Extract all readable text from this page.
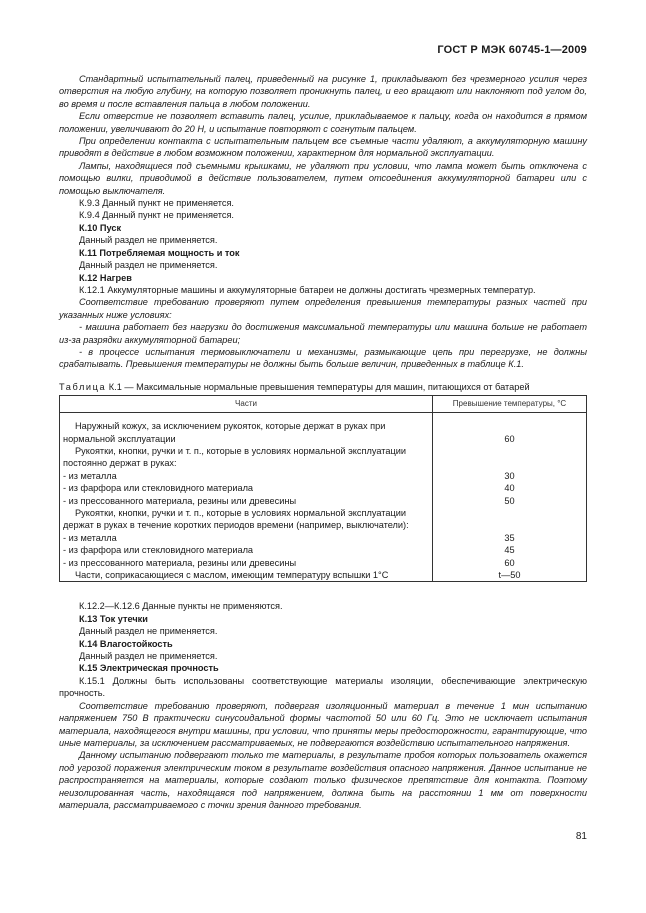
ГОСТ Р МЭК 60745-1—2009

Стандартный испытательный палец, приведенный на рисунке 1, прикладывают без чрезмерного усилия через отверстия на любую глубину, на которую позволяет проникнуть палец, и его вращают или наклоняют под углом до, во время и после вставления пальца в любом положении.

Если отверстие не позволяет вставить палец, усилие, прикладываемое к пальцу, когда он находится в прямом положении, увеличивают до 20 Н, и испытание повторяют с согнутым пальцем.

При определении контакта с испытательным пальцем все съемные части удаляют, а аккумуляторную машину приводят в действие в любом возможном положении, характерном для нормальной эксплуатации.

Лампы, находящиеся под съемными крышками, не удаляют при условии, что лампа может быть отключена с помощью вилки, приводимой в действие пользователем, путем отсоединения аккумуляторной батареи или с помощью выключателя.

К.9.3 Данный пункт не применяется.

К.9.4 Данный пункт не применяется.

К.10 Пуск

Данный раздел не применяется.

К.11 Потребляемая мощность и ток

Данный раздел не применяется.

К.12 Нагрев

К.12.1 Аккумуляторные машины и аккумуляторные батареи не должны достигать чрезмерных температур.

Соответствие требованию проверяют путем определения превышения температуры разных частей при указанных ниже условиях:

- машина работает без нагрузки до достижения максимальной температуры или машина больше не работает из-за разрядки аккумуляторной батареи;

- в процессе испытания термовыключатели и механизмы, размыкающие цепь при перегрузке, не должны срабатывать. Превышения температуры не должны быть больше величин, приведенных в таблице К.1.

Таблица К.1 — Максимальные нормальные превышения температуры для машин, питающихся от батарей

Части	Превышение температуры, °С
Наружный кожух, за исключением рукояток, которые держат в руках при нормальной эксплуатации	60
Рукоятки, кнопки, ручки и т. п., которые в условиях нормальной эксплуатации постоянно держат в руках:	
- из металла	30
- из фарфора или стекловидного материала	40
- из прессованного материала, резины или древесины	50
Рукоятки, кнопки, ручки и т. п., которые в условиях нормальной эксплуатации держат в руках в течение коротких периодов времени (например, выключатели):	
- из металла	35
- из фарфора или стекловидного материала	45
- из прессованного материала, резины или древесины	60
Части, соприкасающиеся с маслом, имеющим температуру вспышки 1°С	t—50

К.12.2—К.12.6 Данные пункты не применяются.

К.13 Ток утечки

Данный раздел не применяется.

К.14 Влагостойкость

Данный раздел не применяется.

К.15 Электрическая прочность

К.15.1 Должны быть использованы соответствующие материалы изоляции, обеспечивающие электрическую прочность.

Соответствие требованию проверяют, подвергая изоляционный материал в течение 1 мин испытанию напряжением 750 В практически синусоидальной формы частотой 50 или 60 Гц. Это не исключает испытания материала, находящегося внутри машины, при условии, что приняты меры предосторожности, гарантирующие, что иные материалы, за исключением рассматриваемых, не подвергаются воздействию испытательного напряжения.

Данному испытанию подвергают только те материалы, в результате пробоя которых пользователь окажется под угрозой поражения электрическим током в результате воздействия опасного напряжения. Данное испытание не распространяется на материалы, которые создают только физическое препятствие для контакта. Поэтому неизолированная часть, находящаяся под напряжением, должна быть на расстоянии 1 мм от поверхности материала, рассматриваемого с точки зрения данного требования.

81
